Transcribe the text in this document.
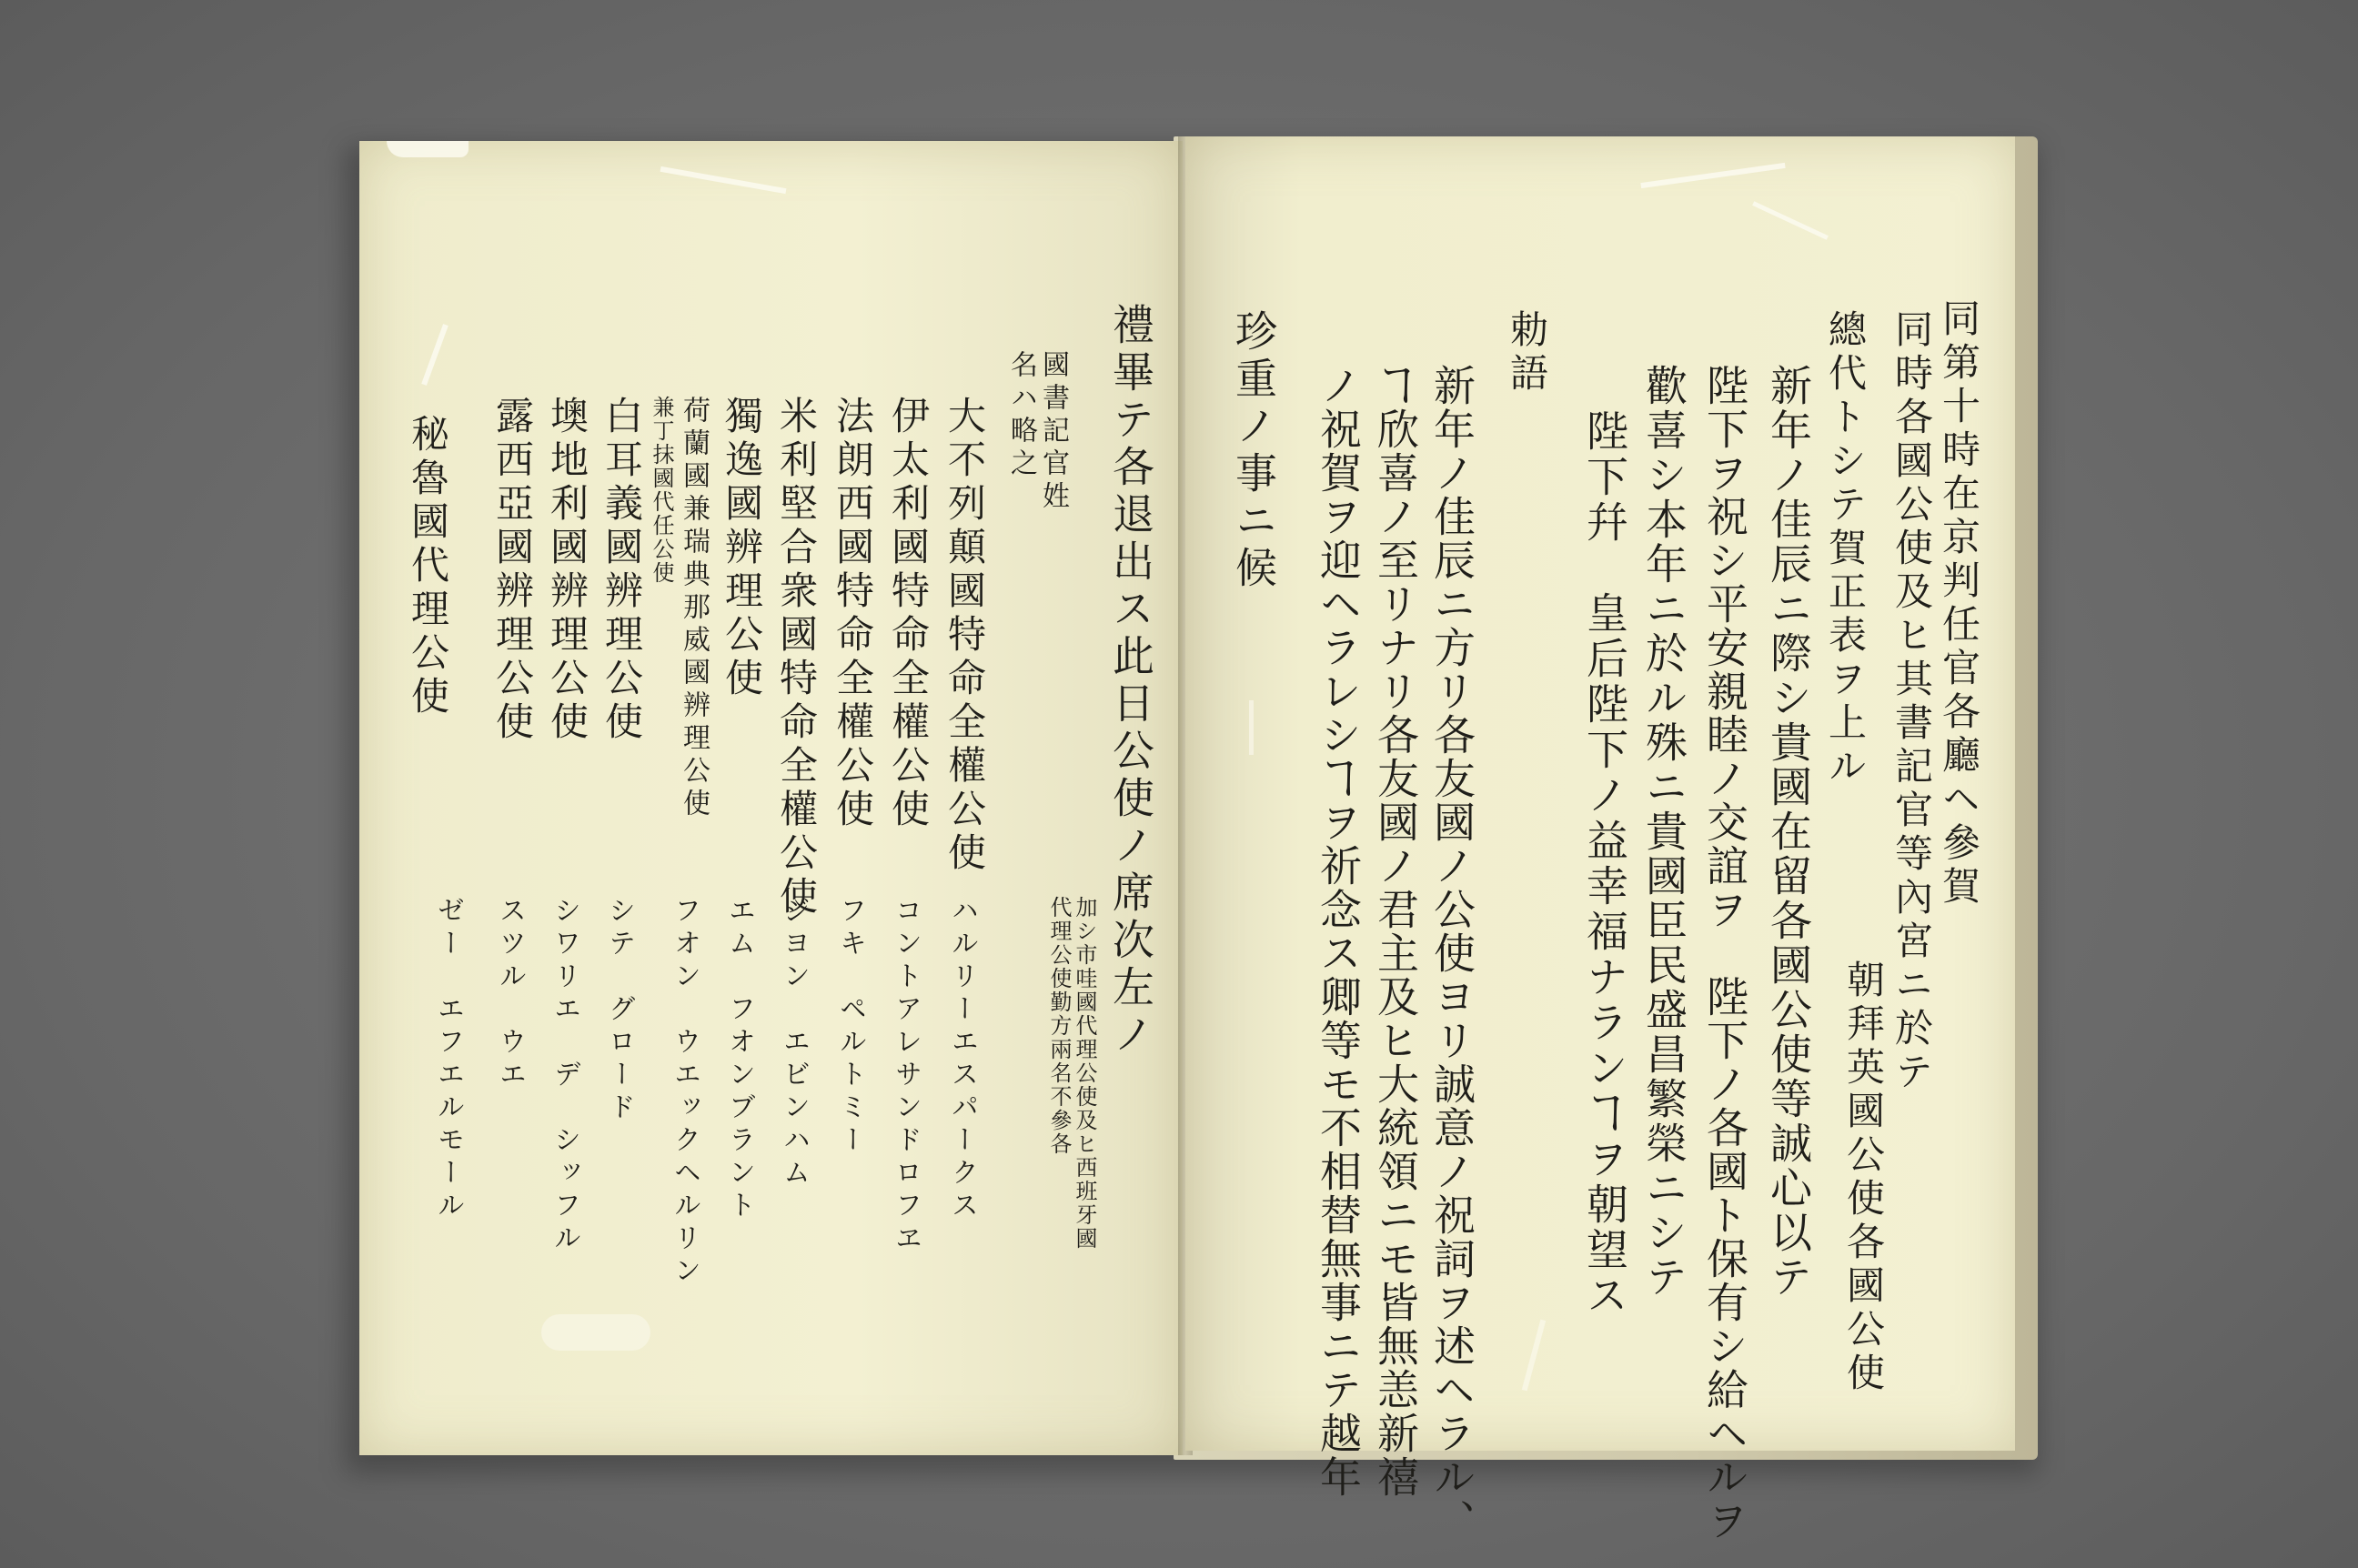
禮畢テ各退出ス此日公使ノ席次左ノ
加シ市哇國代理公使及ヒ西班牙國
代理公使勤方兩名不參各
國書記官姓
名ハ略之
大不列顛國特命全權公使
ハルリーエスパークス
伊太利國特命全權公使
コントアレサンドロフヱ
法朗西國特命全權公使
フキ　ペルトミー
米利堅合衆國特命全權公使
ジヨン　エビンハム
獨逸國辨理公使
エム　フオンブラント
荷蘭國兼瑞典那威國辨理公使
兼丁抹國代任公使
フオン　ウエックヘルリン
白耳義國辨理公使
シテ　グロード
墺地利國辨理公使
シワリエ　デ　シッフル
露西亞國辨理公使
スツル　ウエ
秘魯國代理公使
ゼー　エフエルモール
同第十時在京判任官各廳ヘ參賀
同時各國公使及ヒ其書記官等內宮ニ於テ
朝拜英國公使各國公使
總代トシテ賀正表ヲ上ル
新年ノ佳辰ニ際シ貴國在留各國公使等誠心以テ
陛下ヲ祝シ平安親睦ノ交誼ヲ　陛下ノ各國ト保有シ給ヘルヲ
歡喜シ本年ニ於ル殊ニ貴國臣民盛昌繁榮ニシテ
陛下幷　皇后陛下ノ益幸福ナランヿヲ朝望ス
勅語
新年ノ佳辰ニ方リ各友國ノ公使ヨリ誠意ノ祝詞ヲ述ヘラル、
ヿ欣喜ノ至リナリ各友國ノ君主及ヒ大統領ニモ皆無恙新禧
ノ祝賀ヲ迎ヘラレシヿヲ祈念ス卿等モ不相替無事ニテ越年
珍重ノ事ニ候
